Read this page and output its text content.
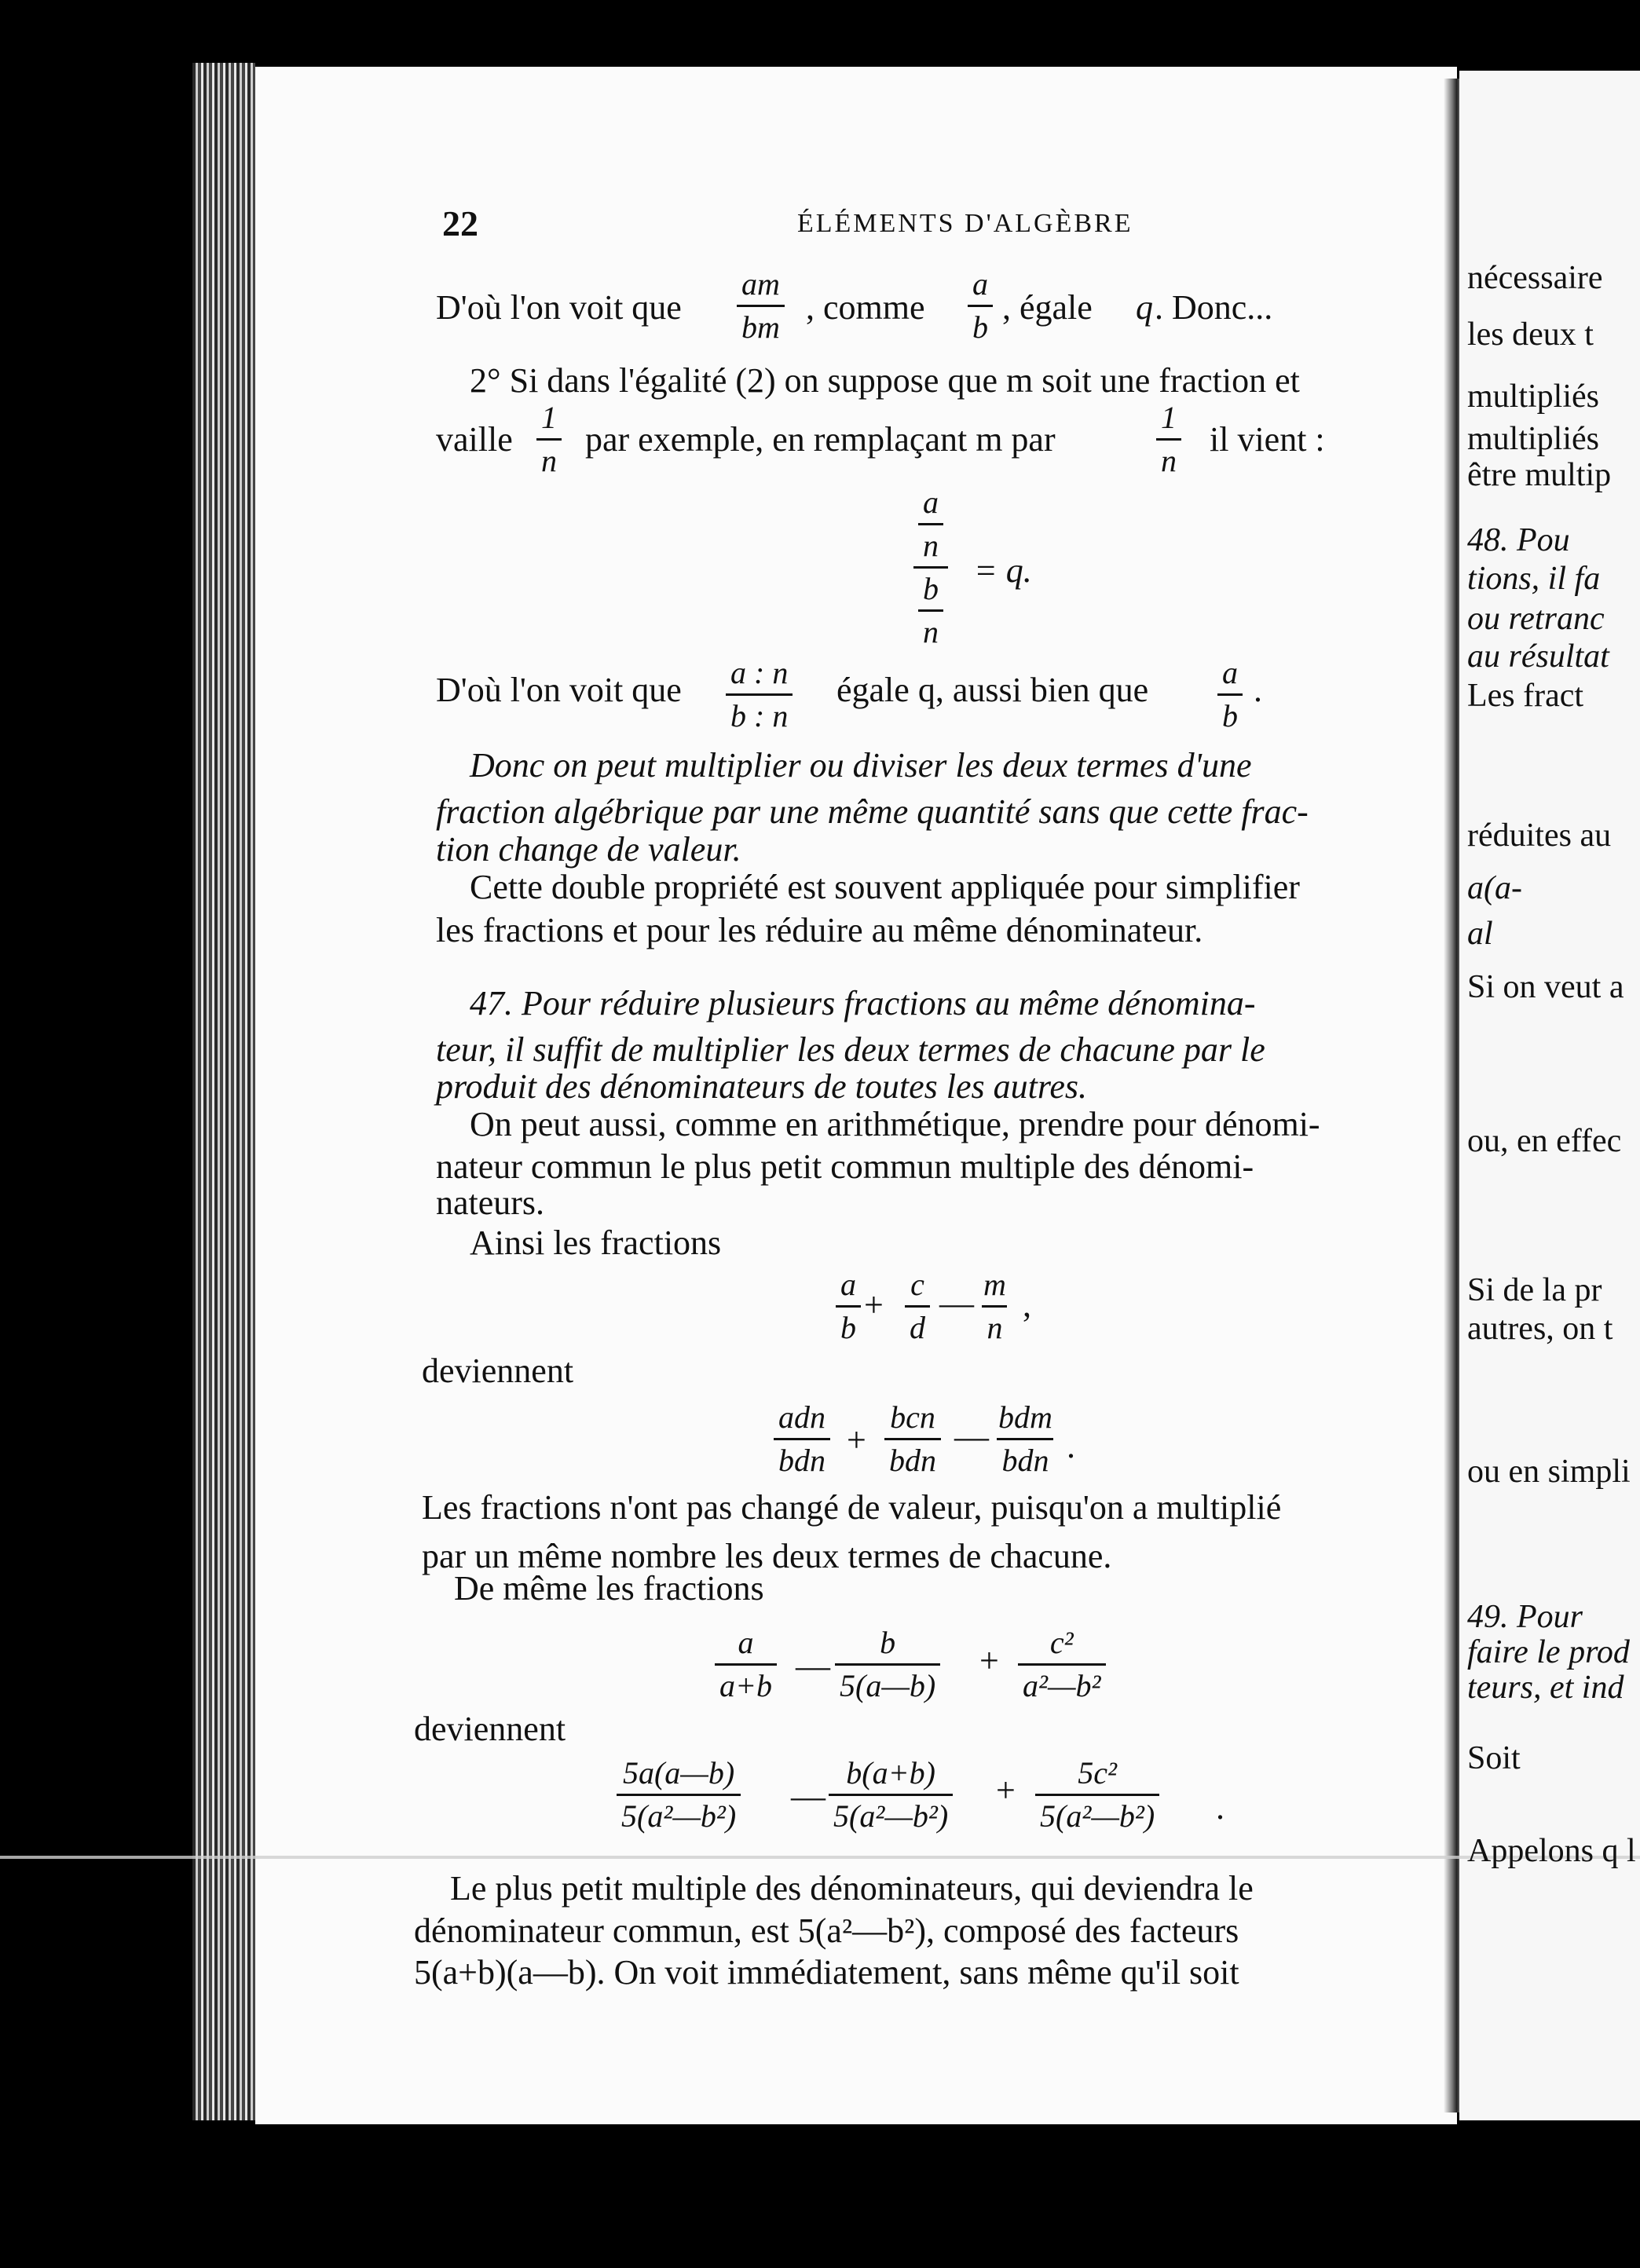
22	ÉLÉMENTS D'ALGÈBRE
D'où l'on voit que $\frac{am}{bm}$ , comme $\frac{a}{b}$ , égale q . Donc...
2° Si dans l'égalité (2) on suppose que m soit une fraction et
vaille $\frac{1}{n}$ par exemple, en remplaçant m par	$\frac{1}{n}$ il vient :
$\frac{\frac{a}{n}}{\frac{b}{n}} = q$.
D'où l'on voit que $\frac{a : n}{b : n}$ égale q, aussi bien que $\frac{a}{b}$ .
Donc on peut multiplier ou diviser les deux termes d'une
fraction algébrique par une même quantité sans que cette frac-
tion change de valeur.
Cette double propriété est souvent appliquée pour simplifier
les fractions et pour les réduire au même dénominateur.
47. Pour réduire plusieurs fractions au même dénomina-
teur, il suffit de multiplier les deux termes de chacune par le
produit des dénominateurs de toutes les autres.
On peut aussi, comme en arithmétique, prendre pour dénomi-
nateur commun le plus petit commun multiple des dénomi-
nateurs.
Ainsi les fractions
$\frac{a}{b} + \frac{c}{d}$ — $\frac{m}{n}$ ,
deviennent
adn
bdn
+
bcn
bdn
—
bdm
bdn .
Les fractions n'ont pas changé de valeur, puisqu'on a multiplié
par un même nombre les deux termes de chacune.
De même les fractions
$\frac{a}{a+b}$ — $\frac{b}{5(a—b)} + \frac{\text{c²}}{\text{a²—b²}}$
deviennent
$\frac{5a(a—b)}{\text{5(a²—b²)}}$ — $\frac{b(a+b)}{\text{5(a²—b²)}} + \frac{\text{5c²}}{\text{5(a²—b²)}}$ .
Le plus petit multiple des dénominateurs, qui deviendra le
dénominateur commun, est 5(a²—b²), composé des facteurs
5(a+b)(a—b). On voit immédiatement, sans même qu'il soit
nécessaire
les deux t
multipliés
multipliés
être multip
48. Pou
tions, il fa
ou retranc
au résultat
Les fract
réduites au
a(a-
al
Si on veut a
ou, en effec
Si de la pr
autres, on t
ou en simpli
49. Pour
faire le prod
teurs, et ind
Soit
Appelons q l
